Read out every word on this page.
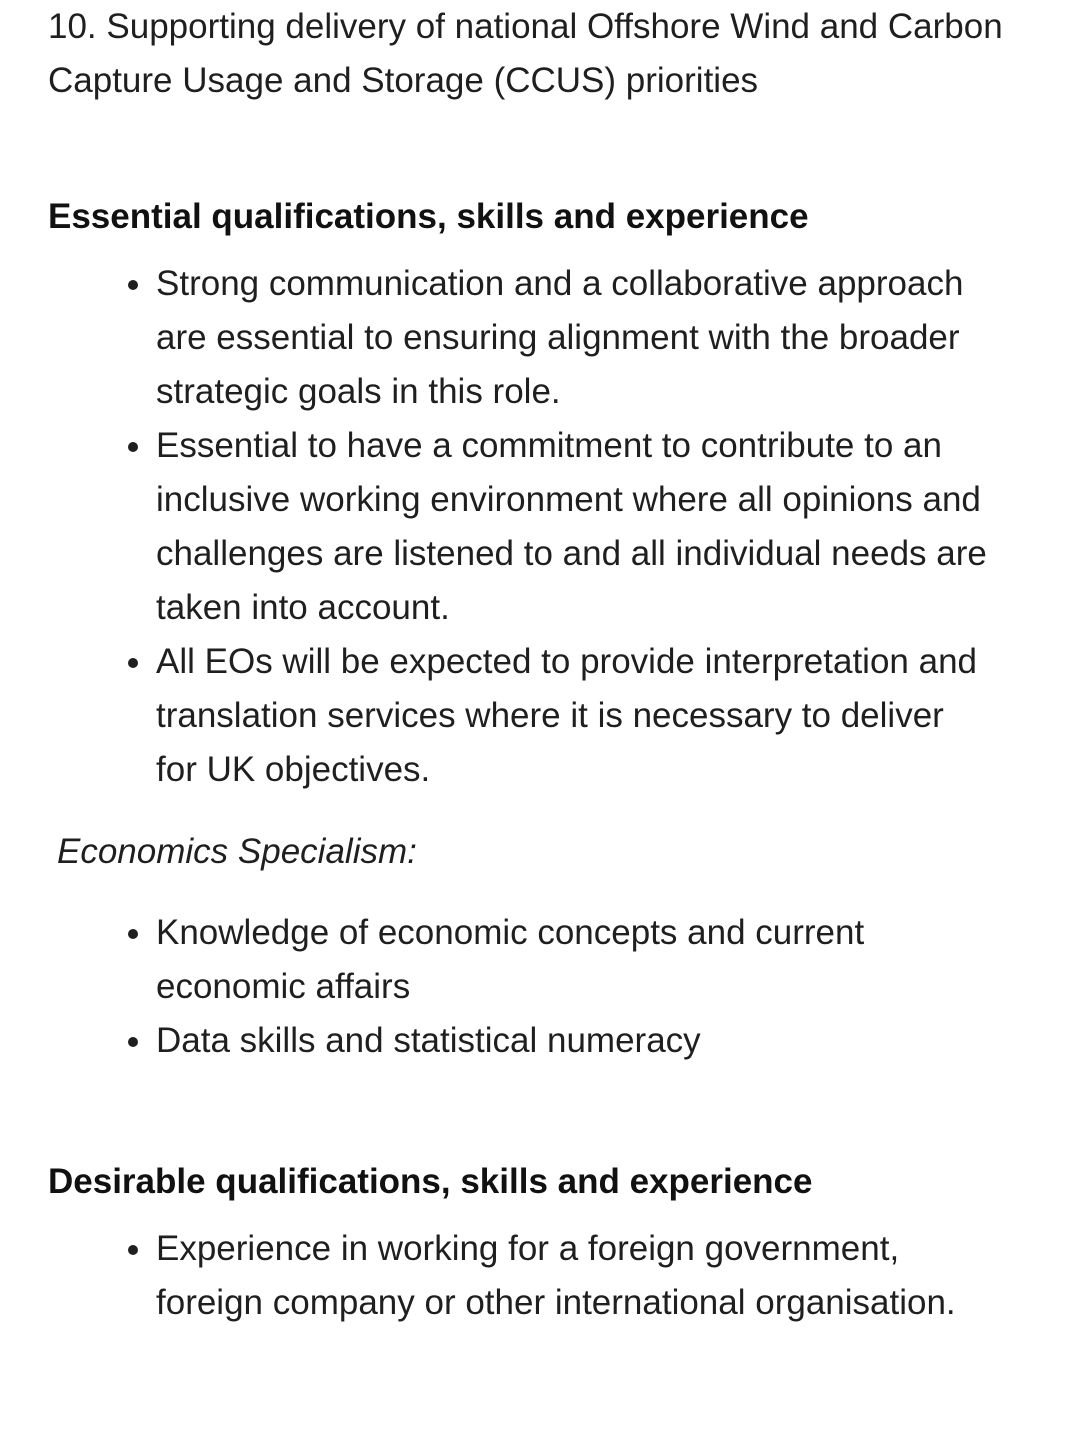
10. Supporting delivery of national Offshore Wind and Carbon Capture Usage and Storage (CCUS) priorities
Essential qualifications, skills and experience
Strong communication and a collaborative approach are essential to ensuring alignment with the broader strategic goals in this role.
Essential to have a commitment to contribute to an inclusive working environment where all opinions and challenges are listened to and all individual needs are taken into account.
All EOs will be expected to provide interpretation and translation services where it is necessary to deliver for UK objectives.
Economics Specialism:
Knowledge of economic concepts and current economic affairs
Data skills and statistical numeracy
Desirable qualifications, skills and experience
Experience in working for a foreign government, foreign company or other international organisation.
